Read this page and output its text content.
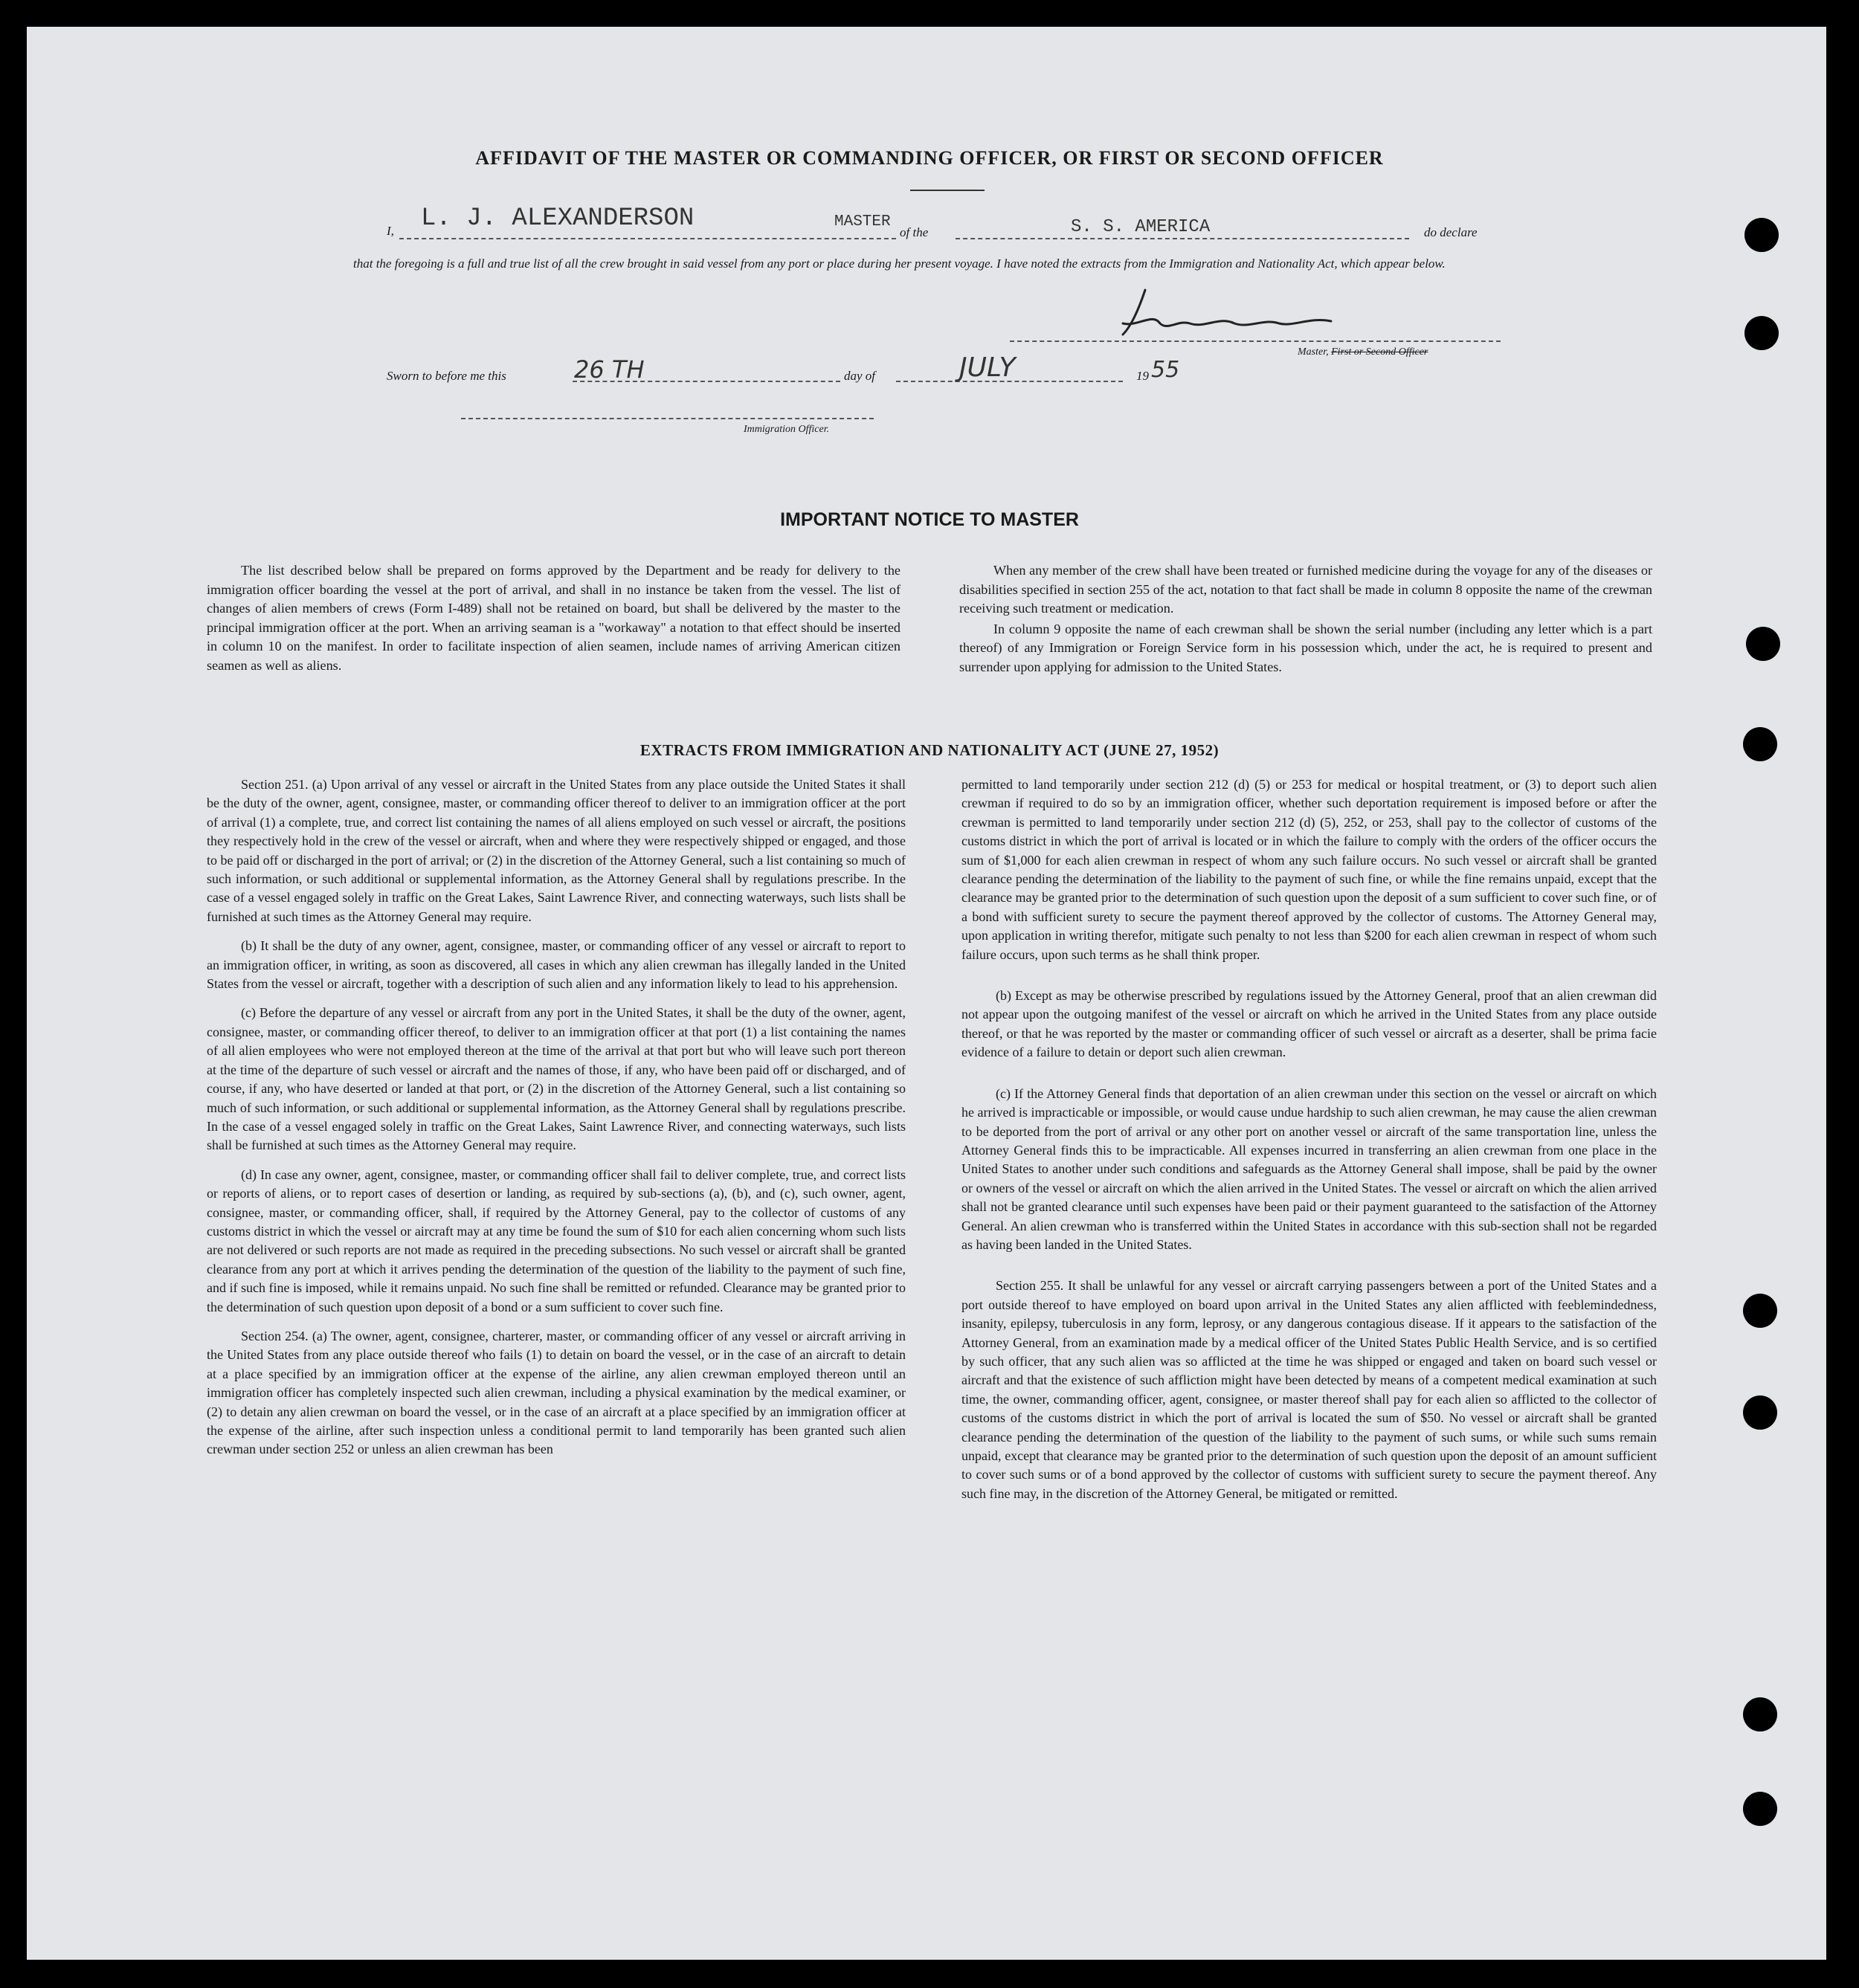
AFFIDAVIT OF THE MASTER OR COMMANDING OFFICER, OR FIRST OR SECOND OFFICER
I, L. J. ALEXANDERSON	MASTER
of the	S. S. AMERICA	do declare
that the foregoing is a full and true list of all the crew brought in said vessel from any port or place during her present voyage. I have noted the extracts from the Immigration and Nationality Act, which appear below.
Master, First or Second Officer
Sworn to before me this	26 TH	day of	JULY	19 55
Immigration Officer.
IMPORTANT NOTICE TO MASTER

The list described below shall be prepared on forms approved by the Department and be ready for delivery to the immigration officer boarding the vessel at the port of arrival, and shall in no instance be taken from the vessel. The list of changes of alien members of crews (Form I-489) shall not be retained on board, but shall be delivered by the master to the principal immigration officer at the port. When an arriving seaman is a "workaway" a notation to that effect should be inserted in column 10 on the manifest. In order to facilitate inspection of alien seamen, include names of arriving American citizen seamen as well as aliens.

When any member of the crew shall have been treated or furnished medicine during the voyage for any of the diseases or disabilities specified in section 255 of the act, notation to that fact shall be made in column 8 opposite the name of the crewman receiving such treatment or medication.

In column 9 opposite the name of each crewman shall be shown the serial number (including any letter which is a part thereof) of any Immigration or Foreign Service form in his possession which, under the act, he is required to present and surrender upon applying for admission to the United States.

EXTRACTS FROM IMMIGRATION AND NATIONALITY ACT (JUNE 27, 1952)

Section 251. (a) Upon arrival of any vessel or aircraft in the United States from any place outside the United States it shall be the duty of the owner, agent, consignee, master, or commanding officer thereof to deliver to an immigration officer at the port of arrival (1) a complete, true, and correct list containing the names of all aliens employed on such vessel or aircraft, the positions they respectively hold in the crew of the vessel or aircraft, when and where they were respectively shipped or engaged, and those to be paid off or discharged in the port of arrival; or (2) in the discretion of the Attorney General, such a list containing so much of such information, or such additional or supplemental information, as the Attorney General shall by regulations prescribe. In the case of a vessel engaged solely in traffic on the Great Lakes, Saint Lawrence River, and connecting waterways, such lists shall be furnished at such times as the Attorney General may require.

(b) It shall be the duty of any owner, agent, consignee, master, or commanding officer of any vessel or aircraft to report to an immigration officer, in writing, as soon as discovered, all cases in which any alien crewman has illegally landed in the United States from the vessel or aircraft, together with a description of such alien and any information likely to lead to his apprehension.

(c) Before the departure of any vessel or aircraft from any port in the United States, it shall be the duty of the owner, agent, consignee, master, or commanding officer thereof, to deliver to an immigration officer at that port (1) a list containing the names of all alien employees who were not employed thereon at the time of the arrival at that port but who will leave such port thereon at the time of the departure of such vessel or aircraft and the names of those, if any, who have been paid off or discharged, and of course, if any, who have deserted or landed at that port, or (2) in the discretion of the Attorney General, such a list containing so much of such information, or such additional or supplemental information, as the Attorney General shall by regulations prescribe. In the case of a vessel engaged solely in traffic on the Great Lakes, Saint Lawrence River, and connecting waterways, such lists shall be furnished at such times as the Attorney General may require.

(d) In case any owner, agent, consignee, master, or commanding officer shall fail to deliver complete, true, and correct lists or reports of aliens, or to report cases of desertion or landing, as required by sub-sections (a), (b), and (c), such owner, agent, consignee, master, or commanding officer, shall, if required by the Attorney General, pay to the collector of customs of any customs district in which the vessel or aircraft may at any time be found the sum of $10 for each alien concerning whom such lists are not delivered or such reports are not made as required in the preceding subsections. No such vessel or aircraft shall be granted clearance from any port at which it arrives pending the determination of the question of the liability to the payment of such fine, and if such fine is imposed, while it remains unpaid. No such fine shall be remitted or refunded. Clearance may be granted prior to the determination of such question upon deposit of a bond or a sum sufficient to cover such fine.

Section 254. (a) The owner, agent, consignee, charterer, master, or commanding officer of any vessel or aircraft arriving in the United States from any place outside thereof who fails (1) to detain on board the vessel, or in the case of an aircraft to detain at a place specified by an immigration officer at the expense of the airline, any alien crewman employed thereon until an immigration officer has completely inspected such alien crewman, including a physical examination by the medical examiner, or (2) to detain any alien crewman on board the vessel, or in the case of an aircraft at a place specified by an immigration officer at the expense of the airline, after such inspection unless a conditional permit to land temporarily has been granted such alien crewman under section 252 or unless an alien crewman has been

permitted to land temporarily under section 212 (d) (5) or 253 for medical or hospital treatment, or (3) to deport such alien crewman if required to do so by an immigration officer, whether such deportation requirement is imposed before or after the crewman is permitted to land temporarily under section 212 (d) (5), 252, or 253, shall pay to the collector of customs of the customs district in which the port of arrival is located or in which the failure to comply with the orders of the officer occurs the sum of $1,000 for each alien crewman in respect of whom any such failure occurs. No such vessel or aircraft shall be granted clearance pending the determination of the liability to the payment of such fine, or while the fine remains unpaid, except that the clearance may be granted prior to the determination of such question upon the deposit of a sum sufficient to cover such fine, or of a bond with sufficient surety to secure the payment thereof approved by the collector of customs. The Attorney General may, upon application in writing therefor, mitigate such penalty to not less than $200 for each alien crewman in respect of whom such failure occurs, upon such terms as he shall think proper.

(b) Except as may be otherwise prescribed by regulations issued by the Attorney General, proof that an alien crewman did not appear upon the outgoing manifest of the vessel or aircraft on which he arrived in the United States from any place outside thereof, or that he was reported by the master or commanding officer of such vessel or aircraft as a deserter, shall be prima facie evidence of a failure to detain or deport such alien crewman.

(c) If the Attorney General finds that deportation of an alien crewman under this section on the vessel or aircraft on which he arrived is impracticable or impossible, or would cause undue hardship to such alien crewman, he may cause the alien crewman to be deported from the port of arrival or any other port on another vessel or aircraft of the same transportation line, unless the Attorney General finds this to be impracticable. All expenses incurred in transferring an alien crewman from one place in the United States to another under such conditions and safeguards as the Attorney General shall impose, shall be paid by the owner or owners of the vessel or aircraft on which the alien arrived in the United States. The vessel or aircraft on which the alien arrived shall not be granted clearance until such expenses have been paid or their payment guaranteed to the satisfaction of the Attorney General. An alien crewman who is transferred within the United States in accordance with this sub-section shall not be regarded as having been landed in the United States.

Section 255. It shall be unlawful for any vessel or aircraft carrying passengers between a port of the United States and a port outside thereof to have employed on board upon arrival in the United States any alien afflicted with feeblemindedness, insanity, epilepsy, tuberculosis in any form, leprosy, or any dangerous contagious disease. If it appears to the satisfaction of the Attorney General, from an examination made by a medical officer of the United States Public Health Service, and is so certified by such officer, that any such alien was so afflicted at the time he was shipped or engaged and taken on board such vessel or aircraft and that the existence of such affliction might have been detected by means of a competent medical examination at such time, the owner, commanding officer, agent, consignee, or master thereof shall pay for each alien so afflicted to the collector of customs of the customs district in which the port of arrival is located the sum of $50. No vessel or aircraft shall be granted clearance pending the determination of the question of the liability to the payment of such sums, or while such sums remain unpaid, except that clearance may be granted prior to the determination of such question upon the deposit of an amount sufficient to cover such sums or of a bond approved by the collector of customs with sufficient surety to secure the payment thereof. Any such fine may, in the discretion of the Attorney General, be mitigated or remitted.
